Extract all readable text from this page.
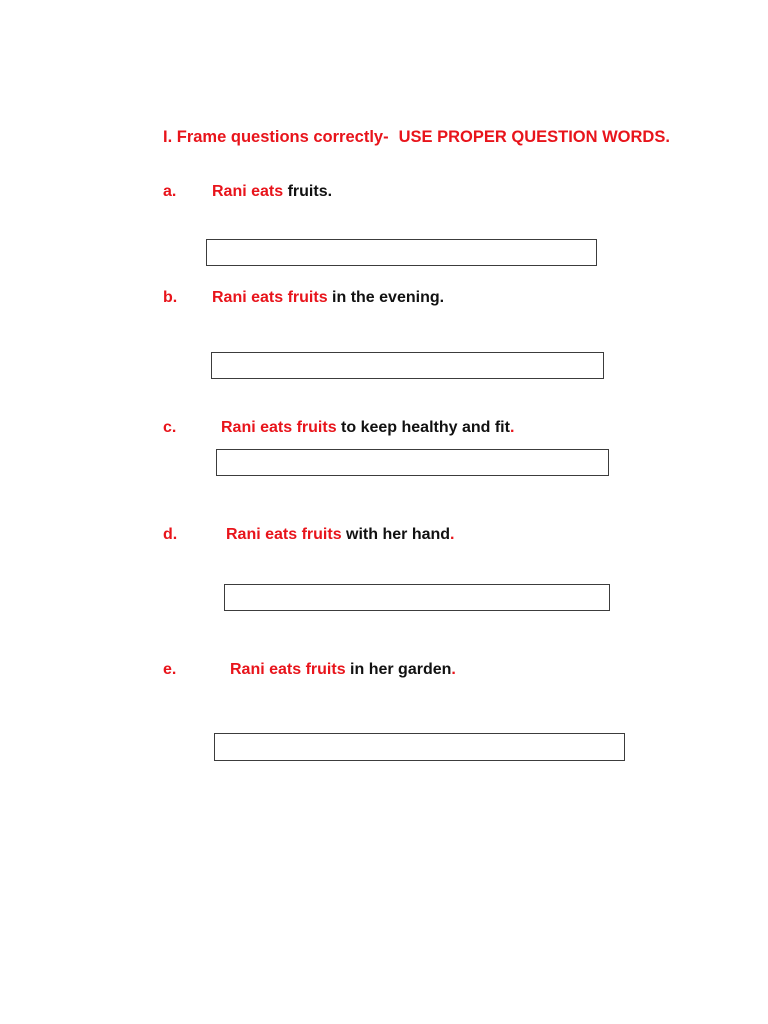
I. Frame questions correctly- USE PROPER QUESTION WORDS.
a. Rani eats fruits.
b. Rani eats fruits in the evening.
c.	Rani eats fruits to keep healthy and fit.
d.	Rani eats fruits with her hand.
e.	Rani eats fruits in her garden.
